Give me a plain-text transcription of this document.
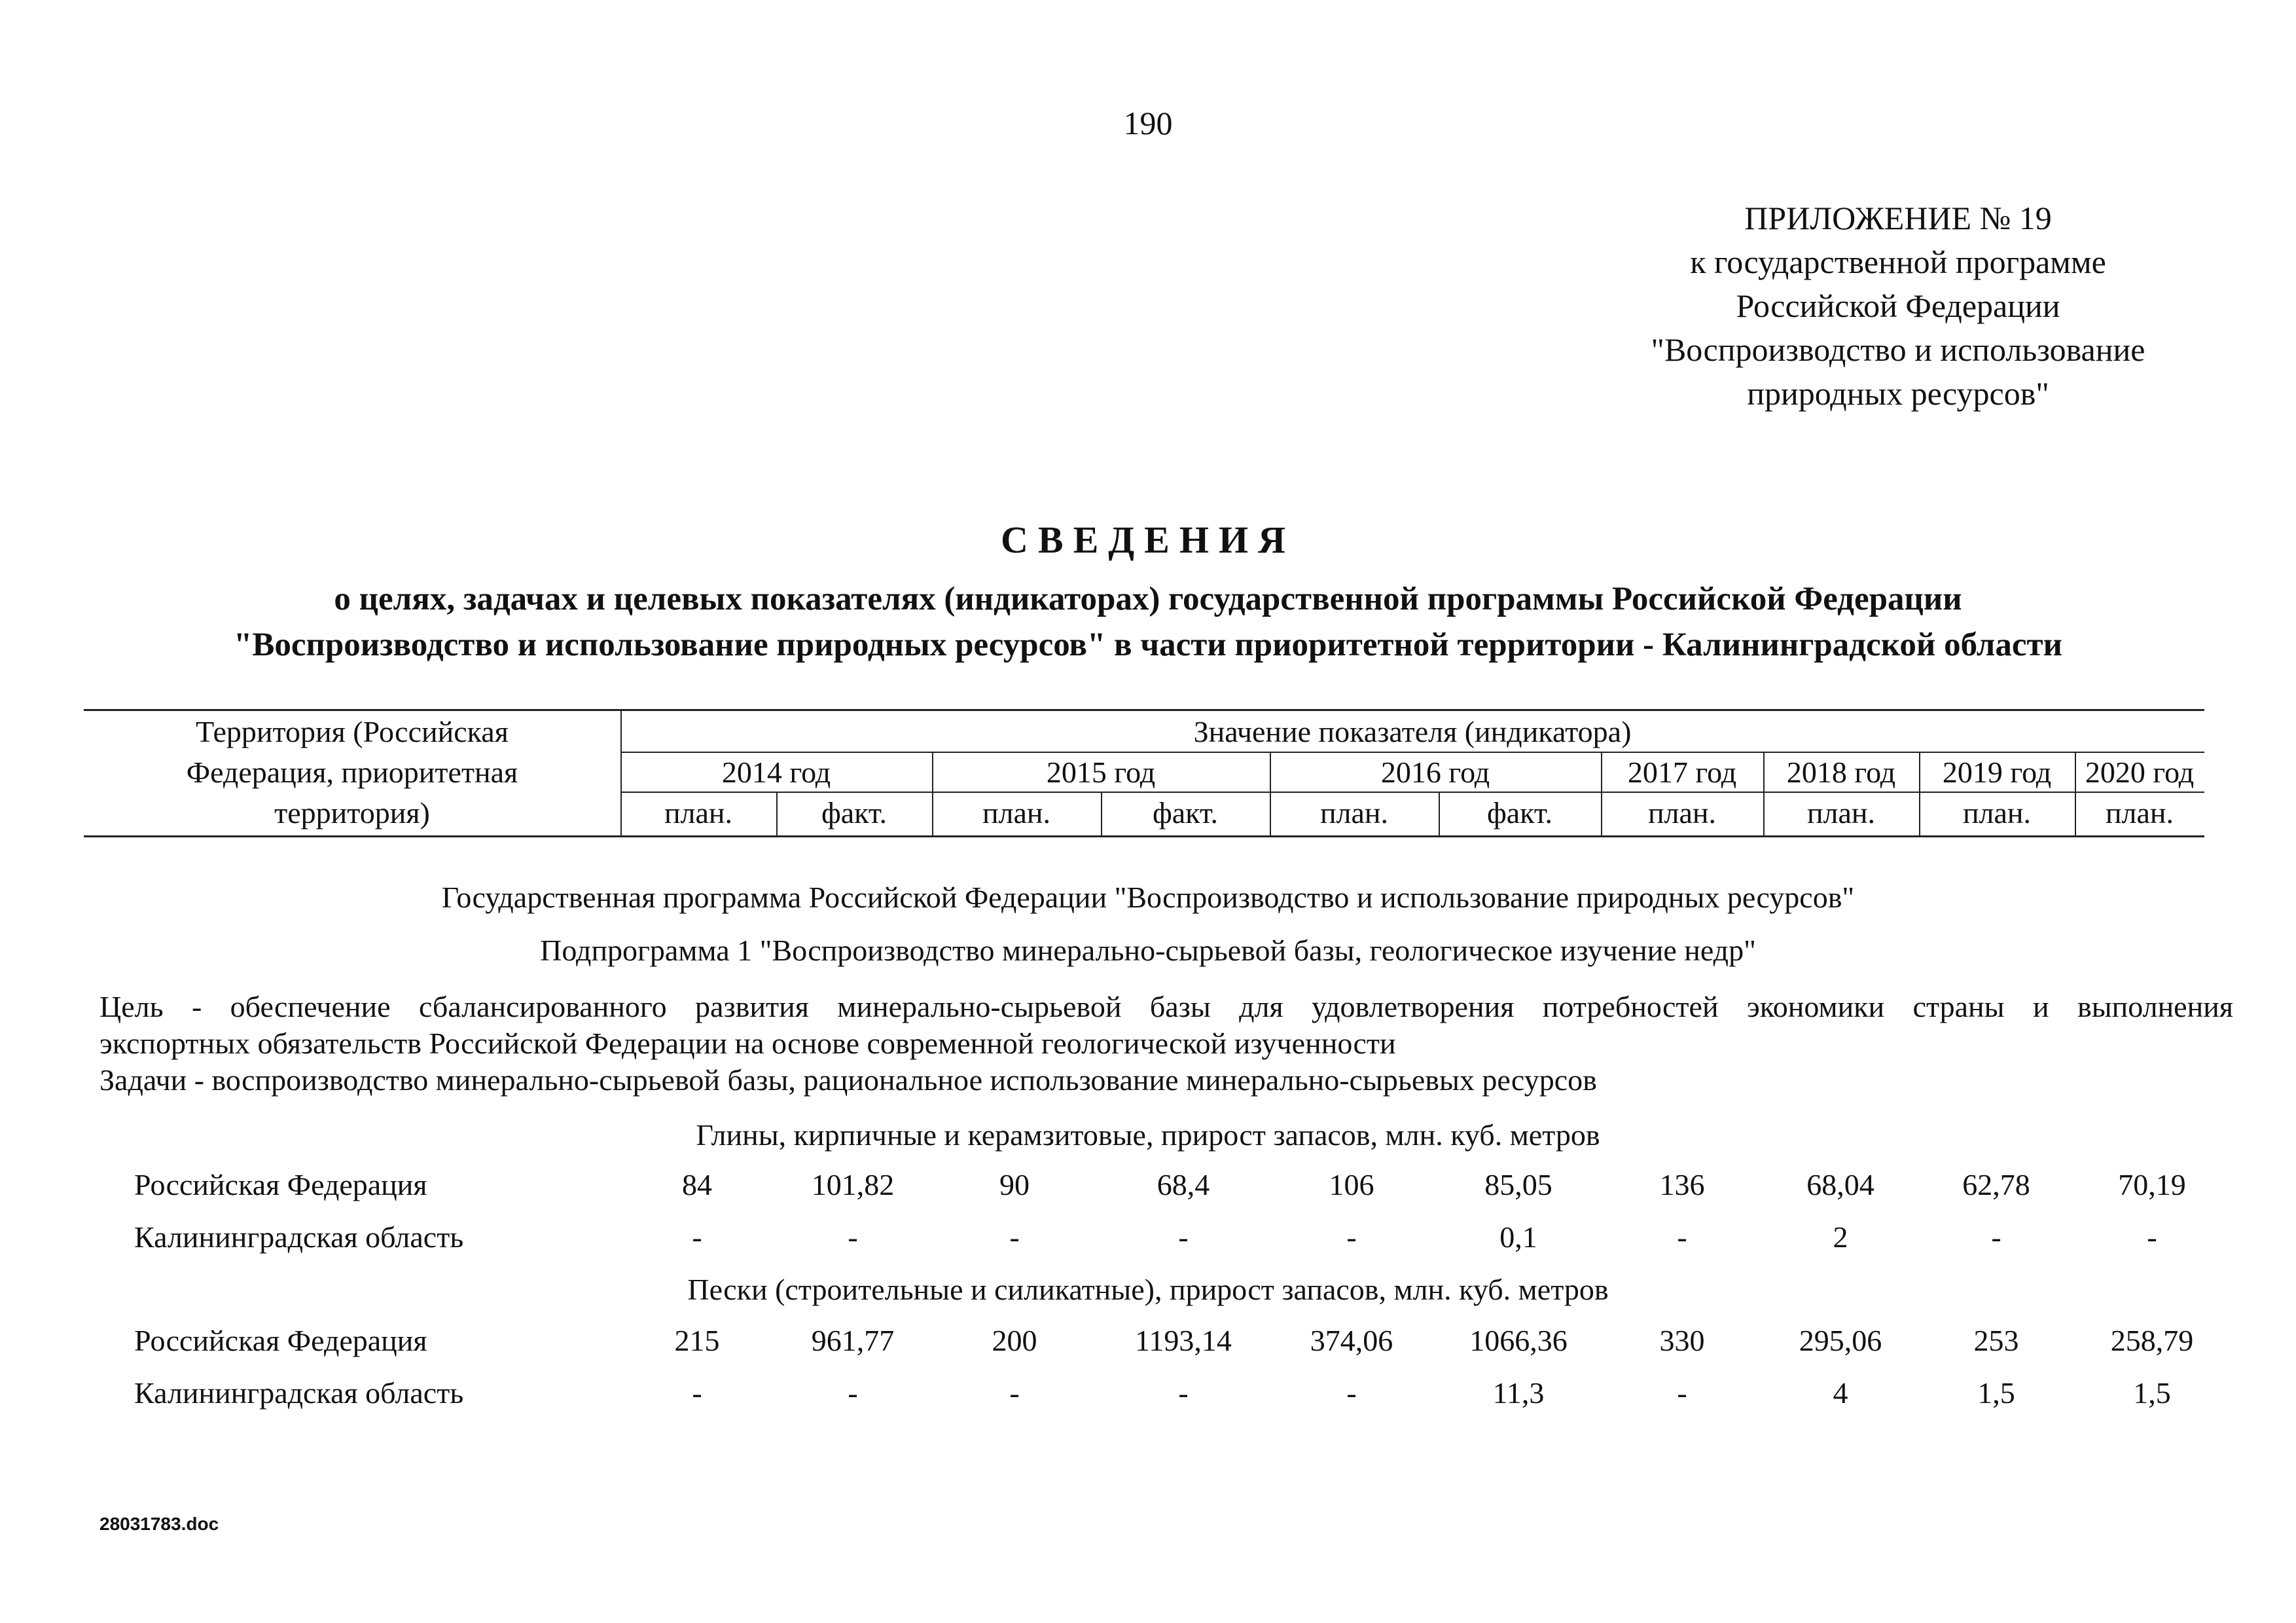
190
ПРИЛОЖЕНИЕ № 19
к государственной программе
Российской Федерации
"Воспроизводство и использование
природных ресурсов"
СВЕДЕНИЯ
о целях, задачах и целевых показателях (индикаторах) государственной программы Российской Федерации
"Воспроизводство и использование природных ресурсов" в части приоритетной территории - Калининградской области
Территория (Российская
Федерация, приоритетная
территория)
Значение показателя (индикатора)
2014 год	2015 год	2016 год	2017 год	2018 год	2019 год	2020 год
план.	факт.	план.	факт.	план.	факт.	план.	план.	план.	план.
Государственная программа Российской Федерации "Воспроизводство и использование природных ресурсов"
Подпрограмма 1 "Воспроизводство минерально-сырьевой базы, геологическое изучение недр"
Цель - обеспечение сбалансированного развития минерально-сырьевой базы для удовлетворения потребностей экономики страны и выполнения
экспортных обязательств Российской Федерации на основе современной геологической изученности
Задачи - воспроизводство минерально-сырьевой базы, рациональное использование минерально-сырьевых ресурсов
Глины, кирпичные и керамзитовые, прирост запасов, млн. куб. метров
Российская Федерация	84	101,82	90	68,4	106	85,05	136	68,04	62,78	70,19
Калининградская область	-	-	-	-	-	0,1	-	2	-	-
Пески (строительные и силикатные), прирост запасов, млн. куб. метров
Российская Федерация	215	961,77	200	1193,14	374,06	1066,36	330	295,06	253	258,79
Калининградская область	-	-	-	-	-	11,3	-	4	1,5	1,5
28031783.doc
